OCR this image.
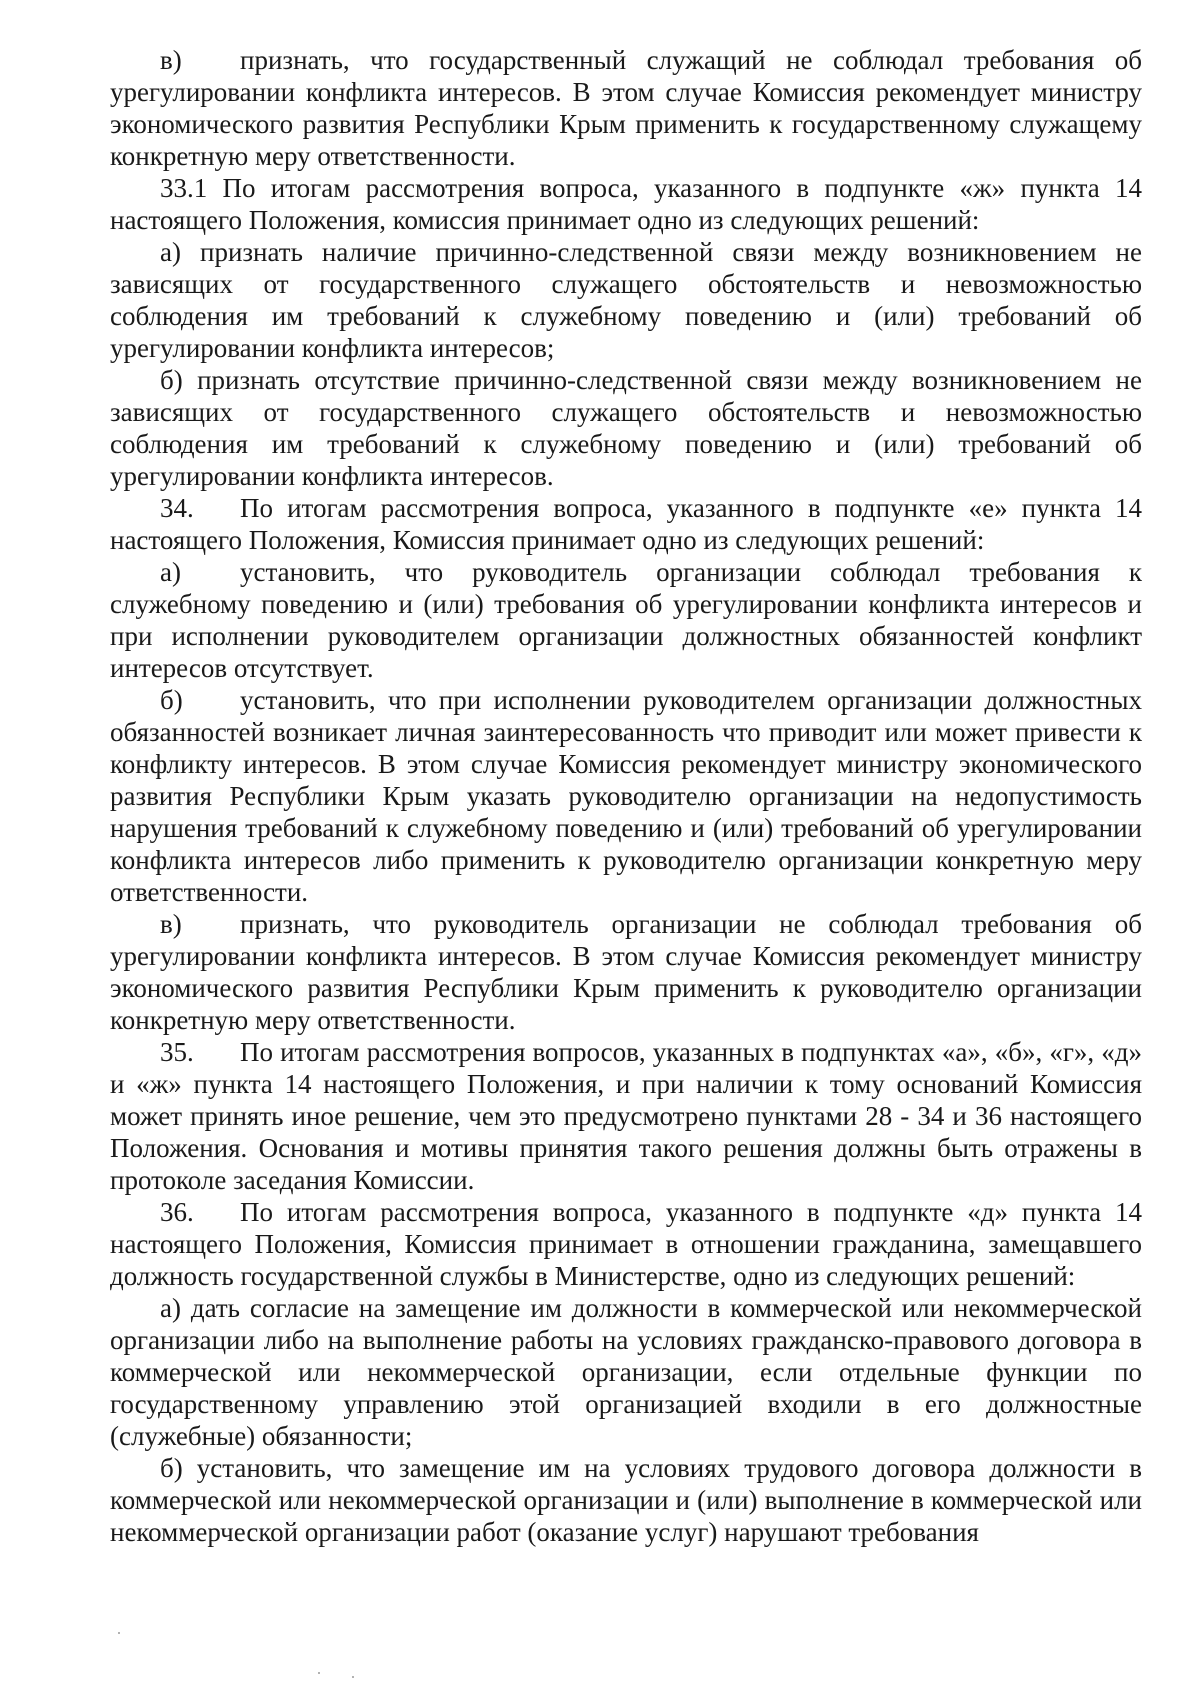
в) признать, что государственный служащий не соблюдал требования об урегулировании конфликта интересов. В этом случае Комиссия рекомендует министру экономического развития Республики Крым применить к государственному служащему конкретную меру ответственности.

33.1 По итогам рассмотрения вопроса, указанного в подпункте «ж» пункта 14 настоящего Положения, комиссия принимает одно из следующих решений:

а) признать наличие причинно-следственной связи между возникновением не зависящих от государственного служащего обстоятельств и невозможностью соблюдения им требований к служебному поведению и (или) требований об урегулировании конфликта интересов;

б) признать отсутствие причинно-следственной связи между возникновением не зависящих от государственного служащего обстоятельств и невозможностью соблюдения им требований к служебному поведению и (или) требований об урегулировании конфликта интересов.

34. По итогам рассмотрения вопроса, указанного в подпункте «е» пункта 14 настоящего Положения, Комиссия принимает одно из следующих решений:

а) установить, что руководитель организации соблюдал требования к служебному поведению и (или) требования об урегулировании конфликта интересов и при исполнении руководителем организации должностных обязанностей конфликт интересов отсутствует.

б) установить, что при исполнении руководителем организации должностных обязанностей возникает личная заинтересованность что приводит или может привести к конфликту интересов. В этом случае Комиссия рекомендует министру экономического развития Республики Крым указать руководителю организации на недопустимость нарушения требований к служебному поведению и (или) требований об урегулировании конфликта интересов либо применить к руководителю организации конкретную меру ответственности.

в) признать, что руководитель организации не соблюдал требования об урегулировании конфликта интересов. В этом случае Комиссия рекомендует министру экономического развития Республики Крым применить к руководителю организации конкретную меру ответственности.

35. По итогам рассмотрения вопросов, указанных в подпунктах «а», «б», «г», «д» и «ж» пункта 14 настоящего Положения, и при наличии к тому оснований Комиссия может принять иное решение, чем это предусмотрено пунктами 28 - 34 и 36 настоящего Положения. Основания и мотивы принятия такого решения должны быть отражены в протоколе заседания Комиссии.

36. По итогам рассмотрения вопроса, указанного в подпункте «д» пункта 14 настоящего Положения, Комиссия принимает в отношении гражданина, замещавшего должность государственной службы в Министерстве, одно из следующих решений:

а) дать согласие на замещение им должности в коммерческой или некоммерческой организации либо на выполнение работы на условиях гражданско-правового договора в коммерческой или некоммерческой организации, если отдельные функции по государственному управлению этой организацией входили в его должностные (служебные) обязанности;

б) установить, что замещение им на условиях трудового договора должности в коммерческой или некоммерческой организации и (или) выполнение в коммерческой или некоммерческой организации работ (оказание услуг) нарушают требования
